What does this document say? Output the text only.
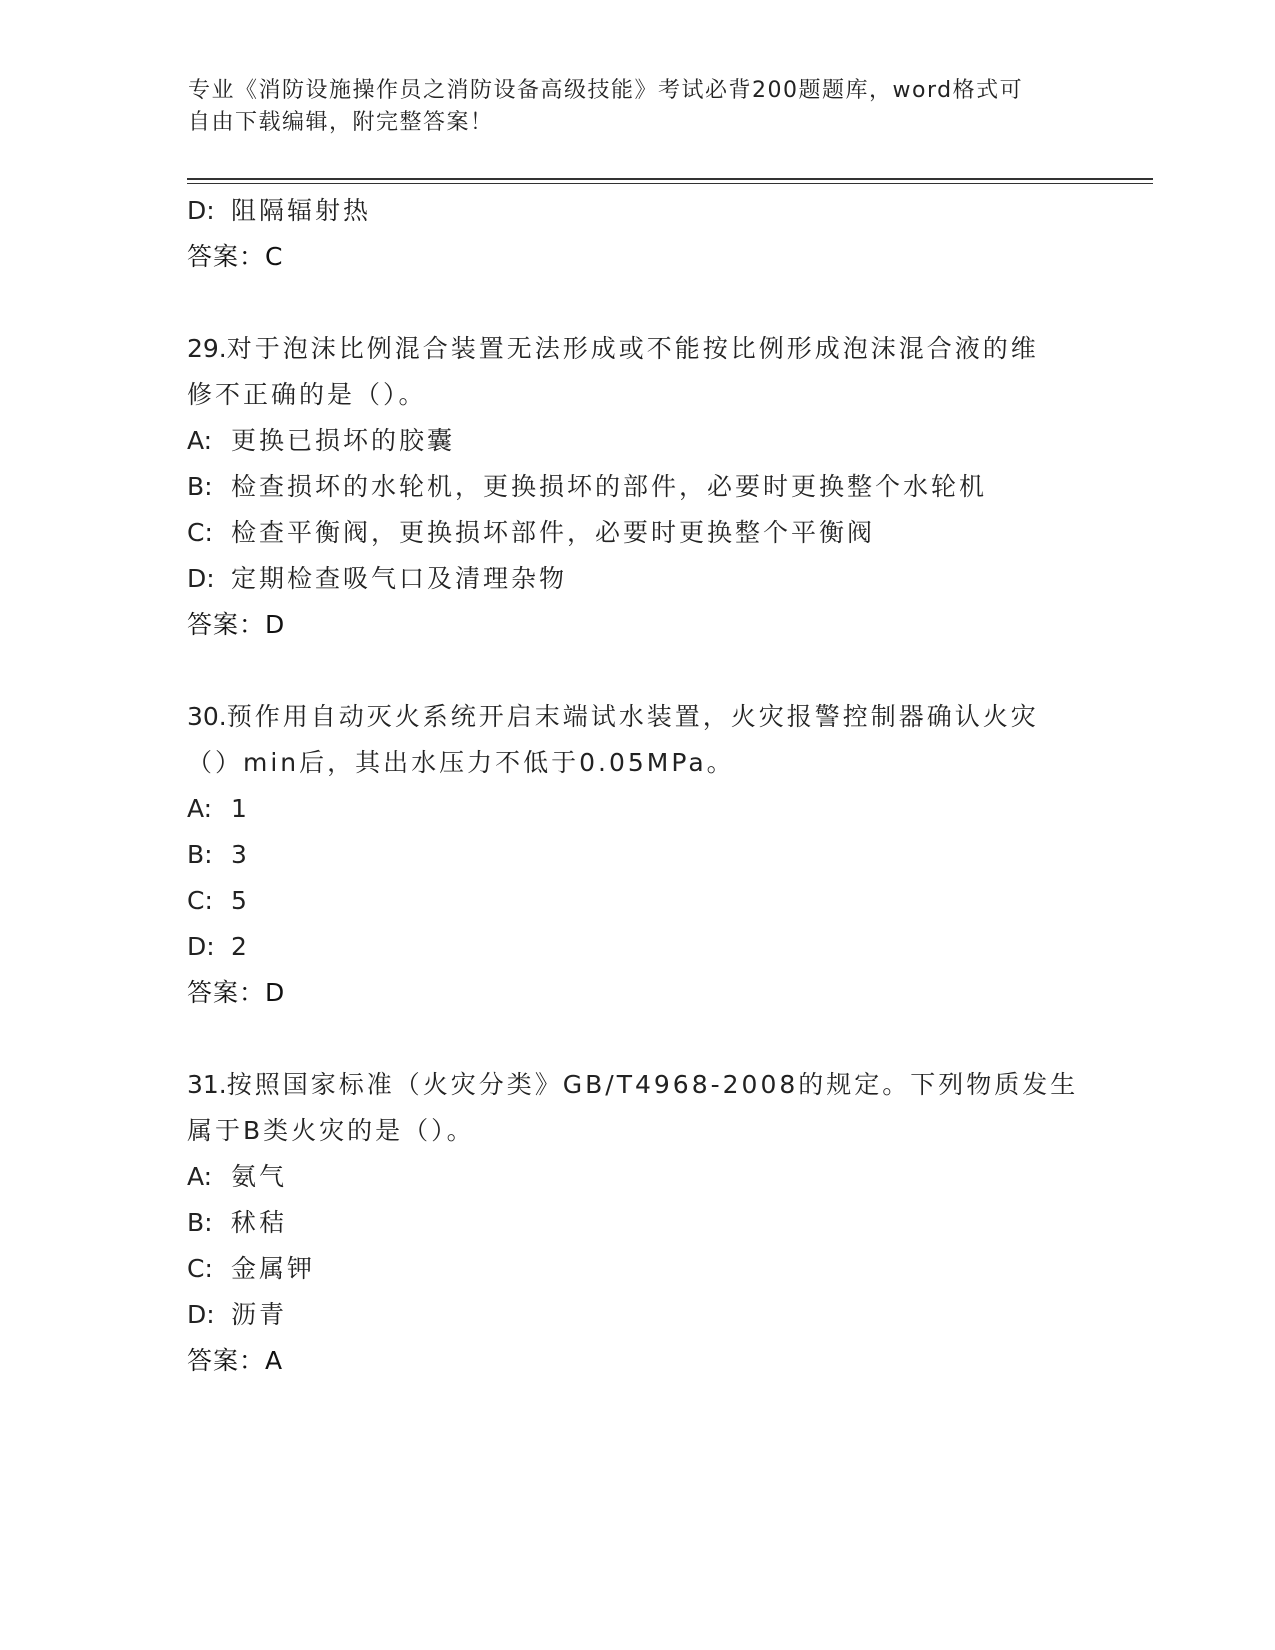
专业《消防设施操作员之消防设备高级技能》考试必背200题题库，word格式可
自由下载编辑，附完整答案！
D: 阻隔辐射热
答案：C
29.对于泡沫比例混合装置无法形成或不能按比例形成泡沫混合液的维
修不正确的是（）。
A: 更换已损坏的胶囊
B: 检查损坏的水轮机，更换损坏的部件，必要时更换整个水轮机
C: 检查平衡阀，更换损坏部件，必要时更换整个平衡阀
D: 定期检查吸气口及清理杂物
答案：D
30.预作用自动灭火系统开启末端试水装置，火灾报警控制器确认火灾
（）min后，其出水压力不低于0.05MPa。
A: 1
B: 3
C: 5
D: 2
答案：D
31.按照国家标准（火灾分类》GB/T4968-2008的规定。下列物质发生
属于B类火灾的是（）。
A: 氨气
B: 秫秸
C: 金属钾
D: 沥青
答案：A
